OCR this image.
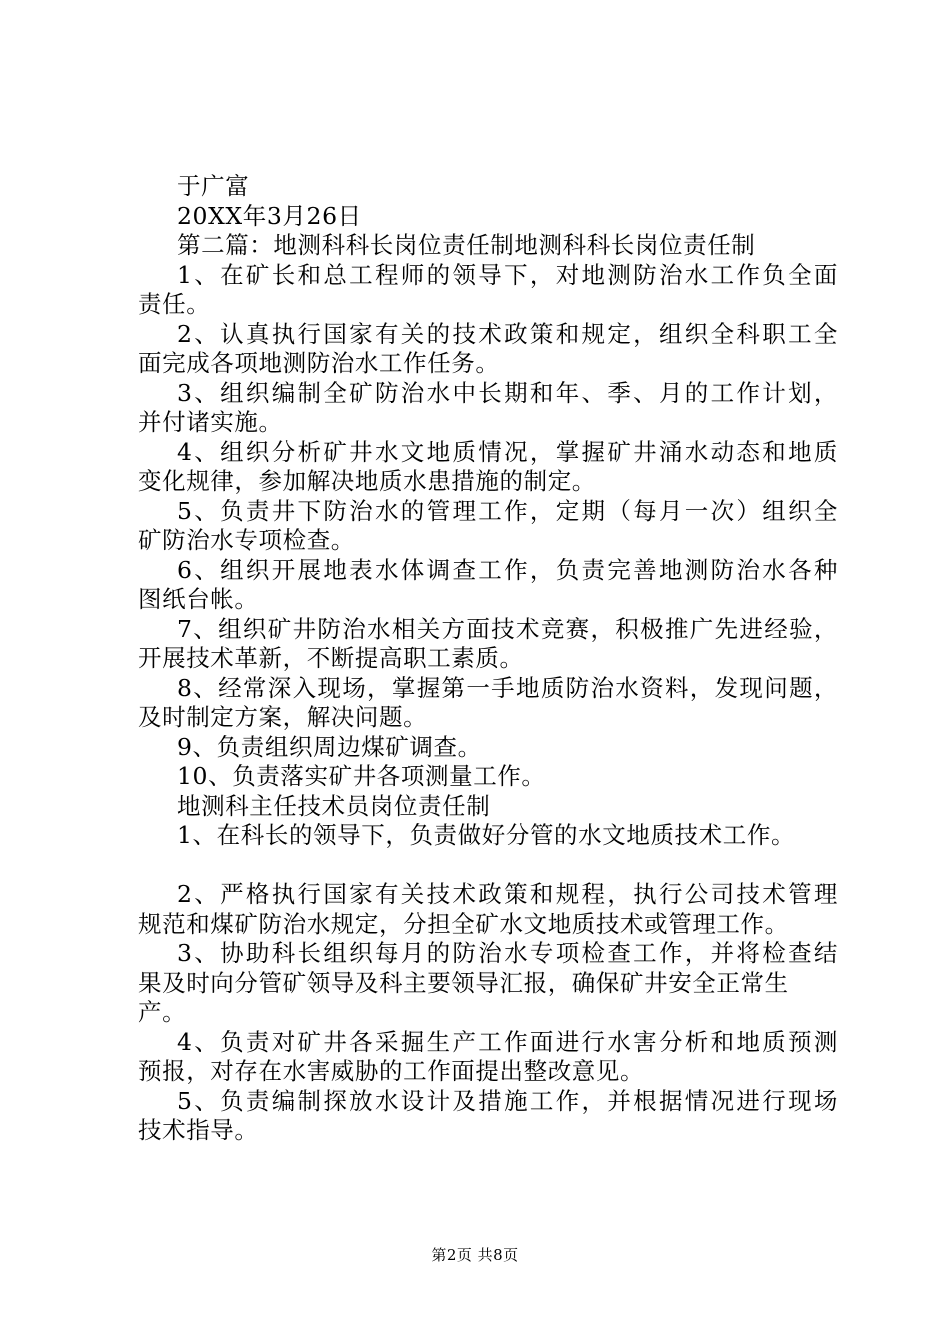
于广富

20XX年3月26日

第二篇：地测科科长岗位责任制地测科科长岗位责任制

1、在矿长和总工程师的领导下，对地测防治水工作负全面

责任。

2、认真执行国家有关的技术政策和规定，组织全科职工全

面完成各项地测防治水工作任务。

3、组织编制全矿防治水中长期和年、季、月的工作计划，

并付诸实施。

4、组织分析矿井水文地质情况，掌握矿井涌水动态和地质

变化规律，参加解决地质水患措施的制定。

5、负责井下防治水的管理工作，定期（每月一次）组织全

矿防治水专项检查。

6、组织开展地表水体调查工作，负责完善地测防治水各种

图纸台帐。

7、组织矿井防治水相关方面技术竞赛，积极推广先进经验，

开展技术革新，不断提高职工素质。

8、经常深入现场，掌握第一手地质防治水资料，发现问题，

及时制定方案，解决问题。

9、负责组织周边煤矿调查。

10、负责落实矿井各项测量工作。

地测科主任技术员岗位责任制

1、在科长的领导下，负责做好分管的水文地质技术工作。

2、严格执行国家有关技术政策和规程，执行公司技术管理

规范和煤矿防治水规定，分担全矿水文地质技术或管理工作。

3、协助科长组织每月的防治水专项检查工作，并将检查结

果及时向分管矿领导及科主要领导汇报，确保矿井安全正常生

产。

4、负责对矿井各采掘生产工作面进行水害分析和地质预测

预报，对存在水害威胁的工作面提出整改意见。

5、负责编制探放水设计及措施工作，并根据情况进行现场

技术指导。

第2页 共8页
